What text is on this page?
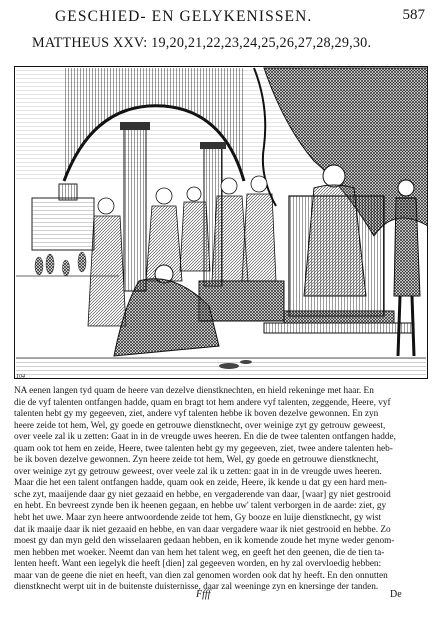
GESCHIED- EN GELYKENISSEN.	587
MATTHEUS XXV: 19,20,21,22,23,24,25,26,27,28,29,30.
104
NA eenen langen tyd quam de heere van dezelve dienstknechten, en hield rekeninge met haar. En
die de vyf talenten ontfangen hadde, quam en bragt tot hem andere vyf talenten, zeggende, Heere, vyf
talenten hebt gy my gegeeven, ziet, andere vyf talenten hebbe ik boven dezelve gewonnen. En zyn
heere zeide tot hem, Wel, gy goede en getrouwe dienstknecht, over weinige zyt gy getrouw geweest,
over veele zal ik u zetten: Gaat in in de vreugde uwes heeren. En die de twee talenten ontfangen hadde,
quam ook tot hem en zeide, Heere, twee talenten hebt gy my gegeeven, ziet, twee andere talenten heb-
be ik boven dezelve gewonnen. Zyn heere zeide tot hem, Wel, gy goede en getrouwe dienstknecht,
over weinige zyt gy getrouw geweest, over veele zal ik u zetten: gaat in in de vreugde uwes heeren.
Maar die het een talent ontfangen hadde, quam ook en zeide, Heere, ik kende u dat gy een hard men-
sche zyt, maaijende daar gy niet gezaaid en hebbe, en vergaderende van daar, [waar] gy niet gestrooid
en hebt. En bevreest zynde ben ik heenen gegaan, en hebbe uw' talent verborgen in de aarde: ziet, gy
hebt het uwe. Maar zyn heere antwoordende zeide tot hem, Gy booze en luije dienstknecht, gy wist
dat ik maaije daar ik niet gezaaid en hebbe, en van daar vergadere waar ik niet gestrooid en hebbe. Zo
moest gy dan myn geld den wisselaaren gedaan hebben, en ik komende zoude het myne weder genom-
men hebben met woeker. Neemt dan van hem het talent weg, en geeft het den geenen, die de tien ta-
lenten heeft. Want een iegelyk die heeft [dien] zal gegeeven worden, en hy zal overvloedig hebben:
maar van de geene die niet en heeft, van dien zal genomen worden ook dat hy heeft. En den onnutten
dienstknecht werpt uit in de buitenste duisternisse, daar zal weeninge zyn en knersinge der tanden.
Ffff	De
